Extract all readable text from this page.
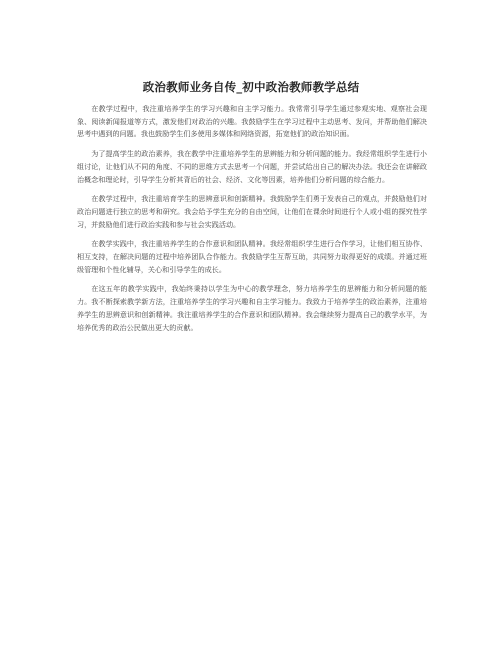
政治教师业务自传_初中政治教师教学总结

在教学过程中，我注重培养学生的学习兴趣和自主学习能力。我常常引导学生通过参观实地、观察社会现象、阅读新闻报道等方式，激发他们对政治的兴趣。我鼓励学生在学习过程中主动思考、发问，并帮助他们解决思考中遇到的问题。我也鼓励学生们多使用多媒体和网络资源，拓宽他们的政治知识面。

为了提高学生的政治素养，我在教学中注重培养学生的思辨能力和分析问题的能力。我经常组织学生进行小组讨论，让他们从不同的角度、不同的思维方式去思考一个问题，并尝试给出自己的解决办法。我还会在讲解政治概念和理论时，引导学生分析其背后的社会、经济、文化等因素，培养他们分析问题的综合能力。

在教学过程中，我注重培育学生的思辨意识和创新精神。我鼓励学生们勇于发表自己的观点，并鼓励他们对政治问题进行独立的思考和研究。我会给予学生充分的自由空间，让他们在课余时间进行个人或小组的探究性学习，并鼓励他们进行政治实践和参与社会实践活动。

在教学实践中，我注重培养学生的合作意识和团队精神。我经常组织学生进行合作学习，让他们相互协作、相互支持，在解决问题的过程中培养团队合作能力。我鼓励学生互帮互助，共同努力取得更好的成绩。并通过班级管理和个性化辅导，关心和引导学生的成长。

在这五年的教学实践中，我始终秉持以学生为中心的教学理念，努力培养学生的思辨能力和分析问题的能力。我不断探索教学新方法，注重培养学生的学习兴趣和自主学习能力。我致力于培养学生的政治素养，注重培养学生的思辨意识和创新精神。我注重培养学生的合作意识和团队精神。我会继续努力提高自己的教学水平，为培养优秀的政治公民做出更大的贡献。
